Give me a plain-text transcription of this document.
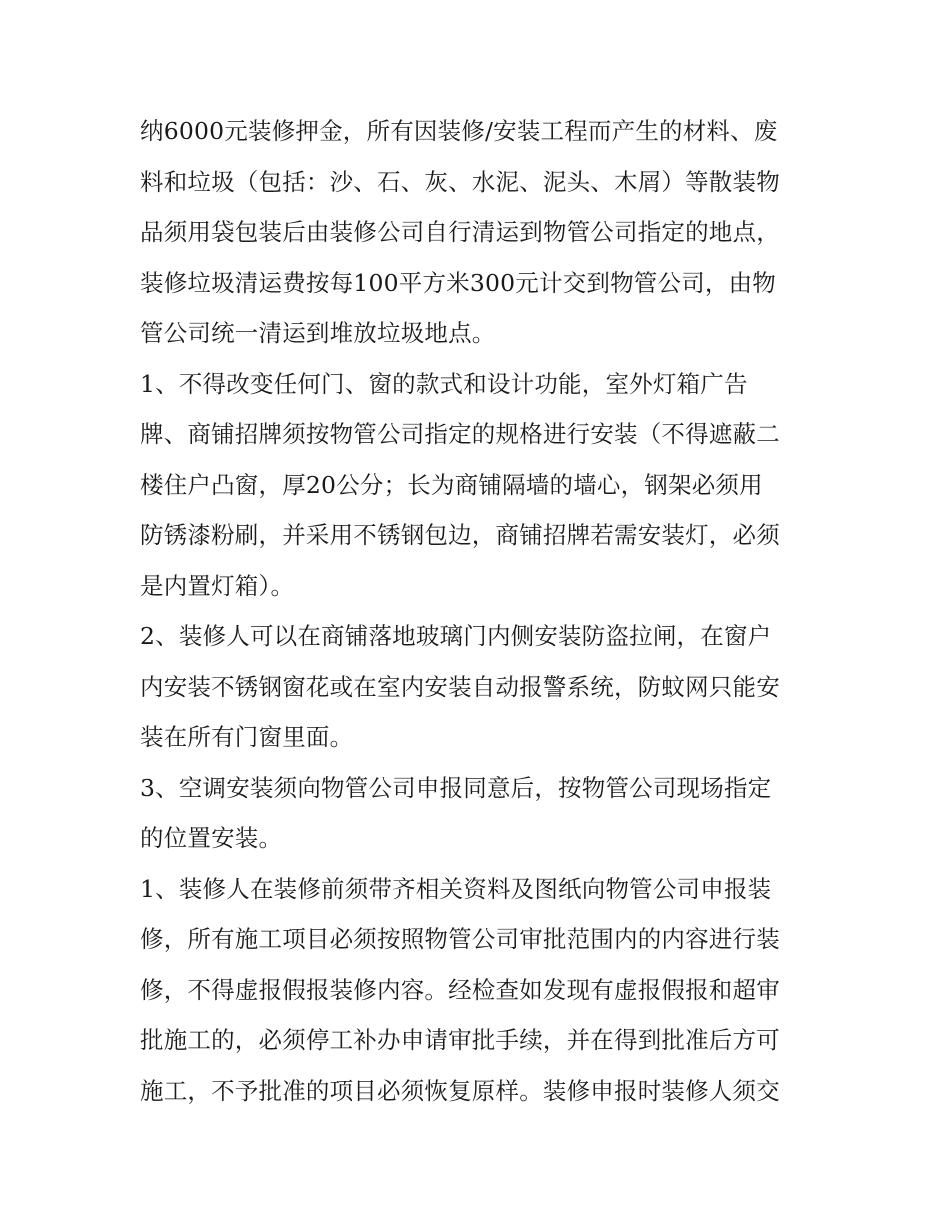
纳6000元装修押金，所有因装修/安装工程而产生的材料、废
料和垃圾（包括：沙、石、灰、水泥、泥头、木屑）等散装物
品须用袋包装后由装修公司自行清运到物管公司指定的地点，
装修垃圾清运费按每100平方米300元计交到物管公司，由物
管公司统一清运到堆放垃圾地点。
1、不得改变任何门、窗的款式和设计功能，室外灯箱广告
牌、商铺招牌须按物管公司指定的规格进行安装（不得遮蔽二
楼住户凸窗，厚20公分；长为商铺隔墙的墙心，钢架必须用
防锈漆粉刷，并采用不锈钢包边，商铺招牌若需安装灯，必须
是内置灯箱）。
2、装修人可以在商铺落地玻璃门内侧安装防盗拉闸，在窗户
内安装不锈钢窗花或在室内安装自动报警系统，防蚊网只能安
装在所有门窗里面。
3、空调安装须向物管公司申报同意后，按物管公司现场指定
的位置安装。
1、装修人在装修前须带齐相关资料及图纸向物管公司申报装
修，所有施工项目必须按照物管公司审批范围内的内容进行装
修，不得虚报假报装修内容。经检查如发现有虚报假报和超审
批施工的，必须停工补办申请审批手续，并在得到批准后方可
施工，不予批准的项目必须恢复原样。装修申报时装修人须交
